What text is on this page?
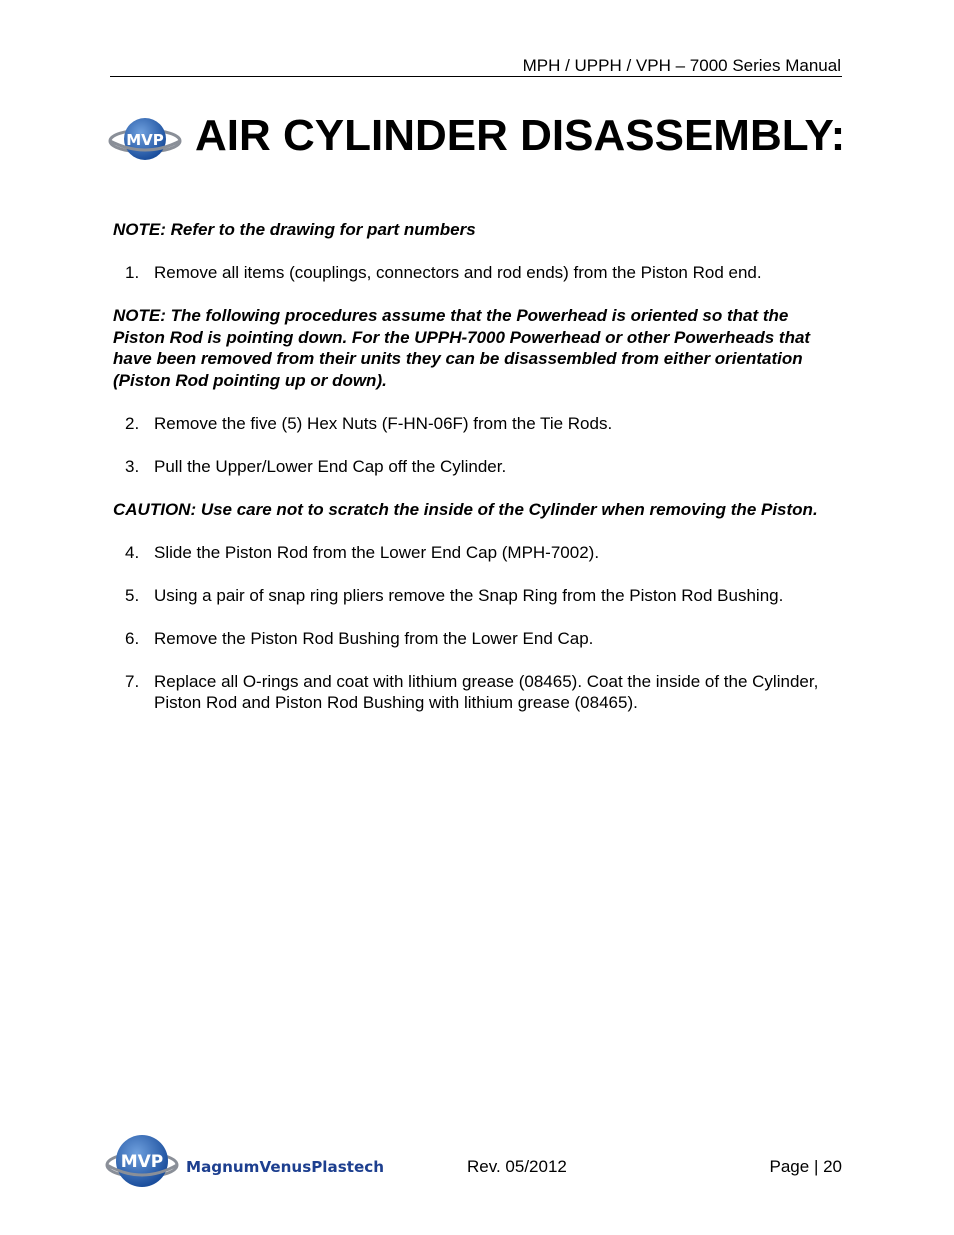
MPH / UPPH / VPH – 7000 Series Manual
MVP AIR CYLINDER DISASSEMBLY:

NOTE: Refer to the drawing for part numbers

1. Remove all items (couplings, connectors and rod ends) from the Piston Rod end.

NOTE: The following procedures assume that the Powerhead is oriented so that the Piston Rod is pointing down. For the UPPH-7000 Powerhead or other Powerheads that have been removed from their units they can be disassembled from either orientation (Piston Rod pointing up or down).

2. Remove the five (5) Hex Nuts (F-HN-06F) from the Tie Rods.

3. Pull the Upper/Lower End Cap off the Cylinder.

CAUTION: Use care not to scratch the inside of the Cylinder when removing the Piston.

4. Slide the Piston Rod from the Lower End Cap (MPH-7002).

5. Using a pair of snap ring pliers remove the Snap Ring from the Piston Rod Bushing.

6. Remove the Piston Rod Bushing from the Lower End Cap.

7. Replace all O-rings and coat with lithium grease (08465). Coat the inside of the Cylinder, Piston Rod and Piston Rod Bushing with lithium grease (08465).

MVP MagnumVenusPlastech	Rev. 05/2012	Page | 20
